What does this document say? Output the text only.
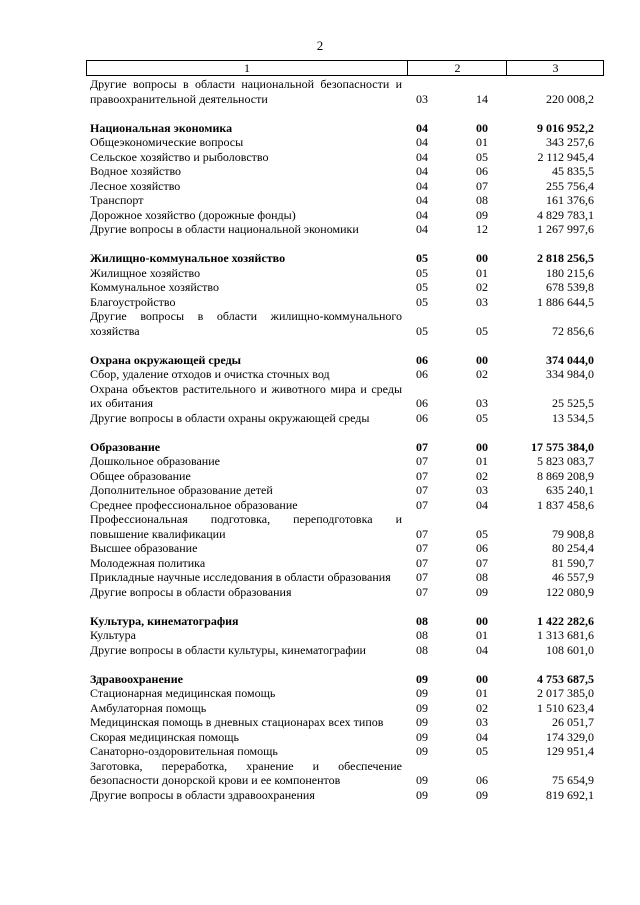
2
1	2	3
Другие вопросы в области национальной безопасности и правоохранительной деятельности	03	14	220 008,2
Национальная экономика	04	00	9 016 952,2
Общеэкономические вопросы	04	01	343 257,6
Сельское хозяйство и рыболовство	04	05	2 112 945,4
Водное хозяйство	04	06	45 835,5
Лесное хозяйство	04	07	255 756,4
Транспорт	04	08	161 376,6
Дорожное хозяйство (дорожные фонды)	04	09	4 829 783,1
Другие вопросы в области национальной экономики	04	12	1 267 997,6
Жилищно-коммунальное хозяйство	05	00	2 818 256,5
Жилищное хозяйство	05	01	180 215,6
Коммунальное хозяйство	05	02	678 539,8
Благоустройство	05	03	1 886 644,5
Другие вопросы в области жилищно-коммунального хозяйства	05	05	72 856,6
Охрана окружающей среды	06	00	374 044,0
Сбор, удаление отходов и очистка сточных вод	06	02	334 984,0
Охрана объектов растительного и животного мира и среды их обитания	06	03	25 525,5
Другие вопросы в области охраны окружающей среды	06	05	13 534,5
Образование	07	00	17 575 384,0
Дошкольное образование	07	01	5 823 083,7
Общее образование	07	02	8 869 208,9
Дополнительное образование детей	07	03	635 240,1
Среднее профессиональное образование	07	04	1 837 458,6
Профессиональная подготовка, переподготовка и повышение квалификации	07	05	79 908,8
Высшее образование	07	06	80 254,4
Молодежная политика	07	07	81 590,7
Прикладные научные исследования в области образования	07	08	46 557,9
Другие вопросы в области образования	07	09	122 080,9
Культура, кинематография	08	00	1 422 282,6
Культура	08	01	1 313 681,6
Другие вопросы в области культуры, кинематографии	08	04	108 601,0
Здравоохранение	09	00	4 753 687,5
Стационарная медицинская помощь	09	01	2 017 385,0
Амбулаторная помощь	09	02	1 510 623,4
Медицинская помощь в дневных стационарах всех типов	09	03	26 051,7
Скорая медицинская помощь	09	04	174 329,0
Санаторно-оздоровительная помощь	09	05	129 951,4
Заготовка, переработка, хранение и обеспечение безопасности донорской крови и ее компонентов	09	06	75 654,9
Другие вопросы в области здравоохранения	09	09	819 692,1
